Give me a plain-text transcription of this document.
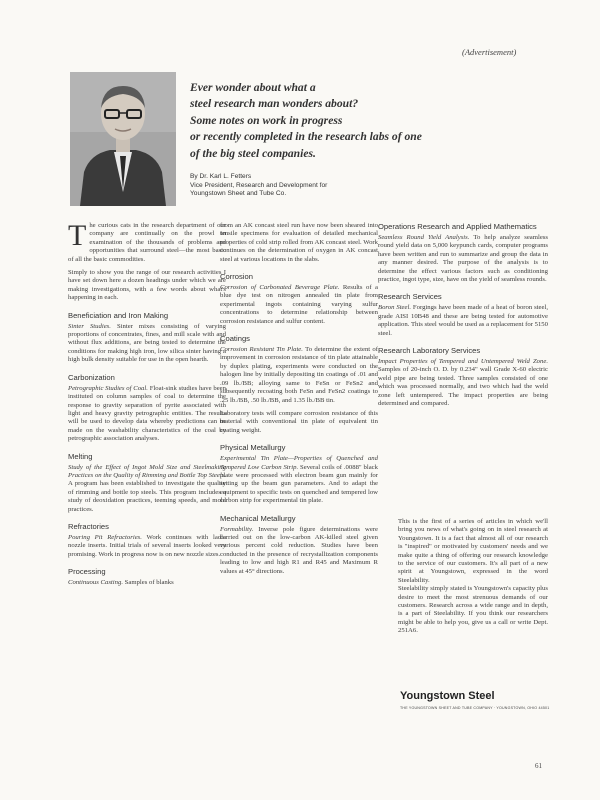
(Advertisement)

Ever wonder about what a
steel research man wonders about?
Some notes on work in progress
or recently completed in the research labs of one
of the big steel companies.

By Dr. Karl L. Fetters
Vice President, Research and Development for
Youngstown Sheet and Tube Co.

The curious cats in the research department of our company are continually on the prowl in examination of the thousands of problems and opportunities that surround steel—the most basic of all the basic commodities.

Simply to show you the range of our research activities I have set down here a dozen headings under which we are making investigations, with a few words about what's happening in each.

Beneficiation and Iron Making

Sinter Studies. Sinter mixes consisting of varying proportions of concentrates, fines, and mill scale with and without flux additions, are being tested to determine the conditions for making high iron, low silica sinter having a high bulk density suitable for use in the open hearth.

Carbonization

Petrographic Studies of Coal. Float-sink studies have been instituted on column samples of coal to determine the response to gravity separation of pyrite associated with light and heavy gravity petrographic entities. The results will be used to develop data whereby predictions can be made on the washability characteristics of the coal by petrographic association analyses.

Melting

Study of the Effect of Ingot Mold Size and Steelmaking Practices on the Quality of Rimming and Bottle Top Steels. A program has been established to investigate the quality of rimming and bottle top steels. This program includes a study of deoxidation practices, teeming speeds, and mold practices.

Refractories

Pouring Pit Refractories. Work continues with ladle nozzle inserts. Initial trials of several inserts looked very promising. Work in progress now is on new nozzle sizes.

Processing

Continuous Casting. Samples of blanks

from an AK concast steel run have now been sheared into tensile specimens for evaluation of detailed mechanical properties of cold strip rolled from AK concast steel. Work continues on the determination of oxygen in AK concast steel at various locations in the slabs.

Corrosion

Corrosion of Carbonated Beverage Plate. Results of a blue dye test on nitrogen annealed tin plate from experimental ingots containing varying sulfur concentrations to determine relationship between corrosion resistance and sulfur content.

Coatings

Corrosion Resistant Tin Plate. To determine the extent of improvement in corrosion resistance of tin plate attainable by duplex plating, experiments were conducted on the halogen line by initially depositing tin coatings of .01 and .09 lb./BB; alloying same to FeSn or FeSn2 and subsequently recoating both FeSn and FeSn2 coatings to .25 lb./BB, .50 lb./BB, and 1.35 lb./BB tin.

Laboratory tests will compare corrosion resistance of this material with conventional tin plate of equivalent tin coating weight.

Physical Metallurgy

Experimental Tin Plate—Properties of Quenched and Tempered Low Carbon Strip. Several coils of .0088" black plate were processed with electron beam gun mainly for setting up the beam gun parameters. And to adapt the equipment to specific tests on quenched and tempered low carbon strip for experimental tin plate.

Mechanical Metallurgy

Formability. Inverse pole figure determinations were carried out on the low-carbon AK-killed steel given various percent cold reduction. Studies have been conducted in the presence of recrystallization components leading to low and high R1 and R45 and Maximum R values at 45° directions.

Operations Research and Applied Mathematics

Seamless Round Yield Analysis. To help analyze seamless round yield data on 5,000 keypunch cards, computer programs have been written and run to summarize and group the data in any manner desired. The purpose of the analysis is to determine the effect various factors such as conditioning practice, ingot type, size, have on the yield of seamless rounds.

Research Services

Boron Steel. Forgings have been made of a heat of boron steel, grade AISI 10B48 and these are being tested for automotive application. This steel would be used as a replacement for 5150 steel.

Research Laboratory Services

Impact Properties of Tempered and Untempered Weld Zone. Samples of 20-inch O. D. by 0.234" wall Grade X-60 electric weld pipe are being tested. Three samples consisted of one which was processed normally, and two which had the weld zone left untempered. The impact properties are being determined and compared.

This is the first of a series of articles in which we'll bring you news of what's going on in steel research at Youngstown. It is a fact that almost all of our research is "inspired" or motivated by customers' needs and we make quite a thing of offering our research knowledge to the service of our customers. It's all part of a new spirit at Youngstown, expressed in the word Steelability.

Steelability simply stated is Youngstown's capacity plus desire to meet the most strenuous demands of our customers. Research across a wide range and in depth, is a part of Steelability. If you think our researchers might be able to help you, give us a call or write Dept. 251A6.

Youngstown Steel
THE YOUNGSTOWN SHEET AND TUBE COMPANY · YOUNGSTOWN, OHIO 44501
61
